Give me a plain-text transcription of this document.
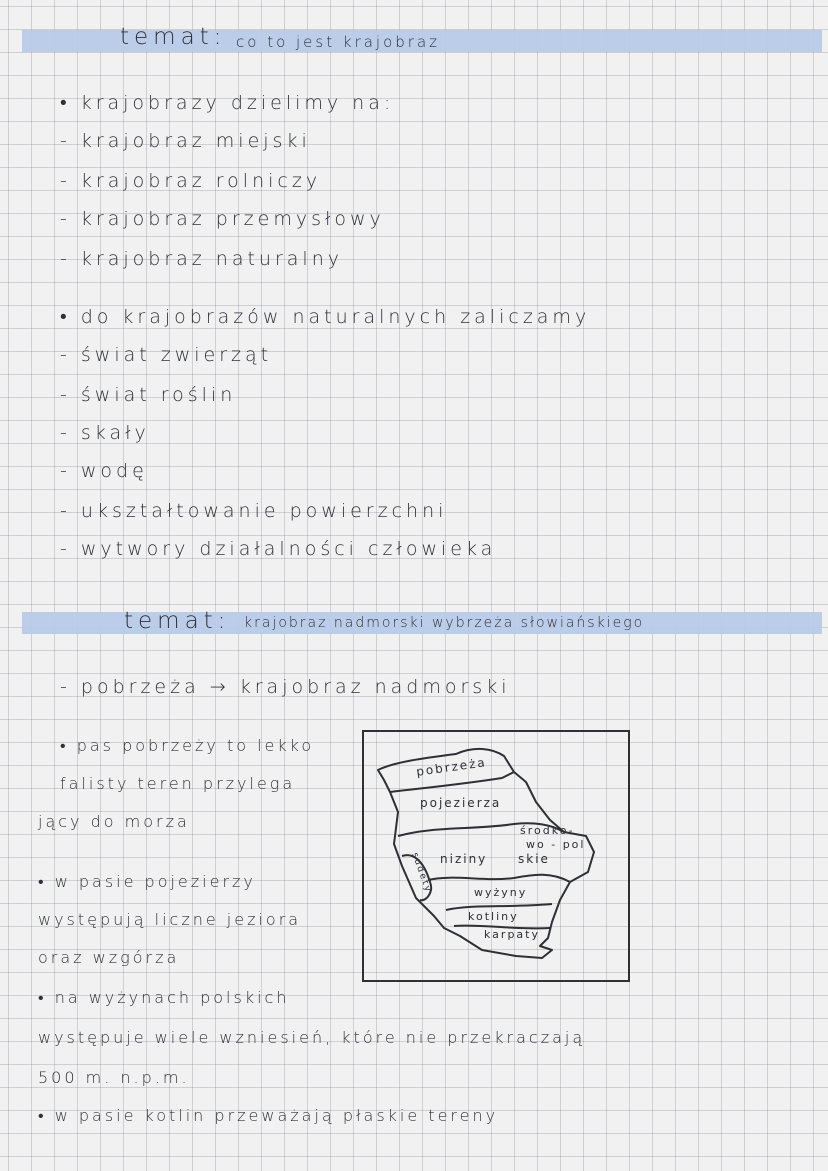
temat: co to jest krajobraz
• krajobrazy dzielimy na:
- krajobraz miejski
- krajobraz rolniczy
- krajobraz przemysłowy
- krajobraz naturalny
• do krajobrazów naturalnych zaliczamy
- świat zwierząt
- świat roślin
- skały
- wodę
- ukształtowanie powierzchni
- wytwory działalności człowieka
temat: krajobraz nadmorski wybrzeża słowiańskiego
- pobrzeża → krajobraz nadmorski
• pas pobrzeży to lekko
falisty teren przylega
jący do morza
• w pasie pojezierzy
występują liczne jeziora
oraz wzgórza
• na wyżynach polskich
występuje wiele wzniesień, które nie przekraczają
500 m. n.p.m.
• w pasie kotlin przeważają płaskie tereny
pobrzeża
pojezierza
środko-
wo - pol
niziny	skie
sudety	wyżyny
kotliny
karpaty
